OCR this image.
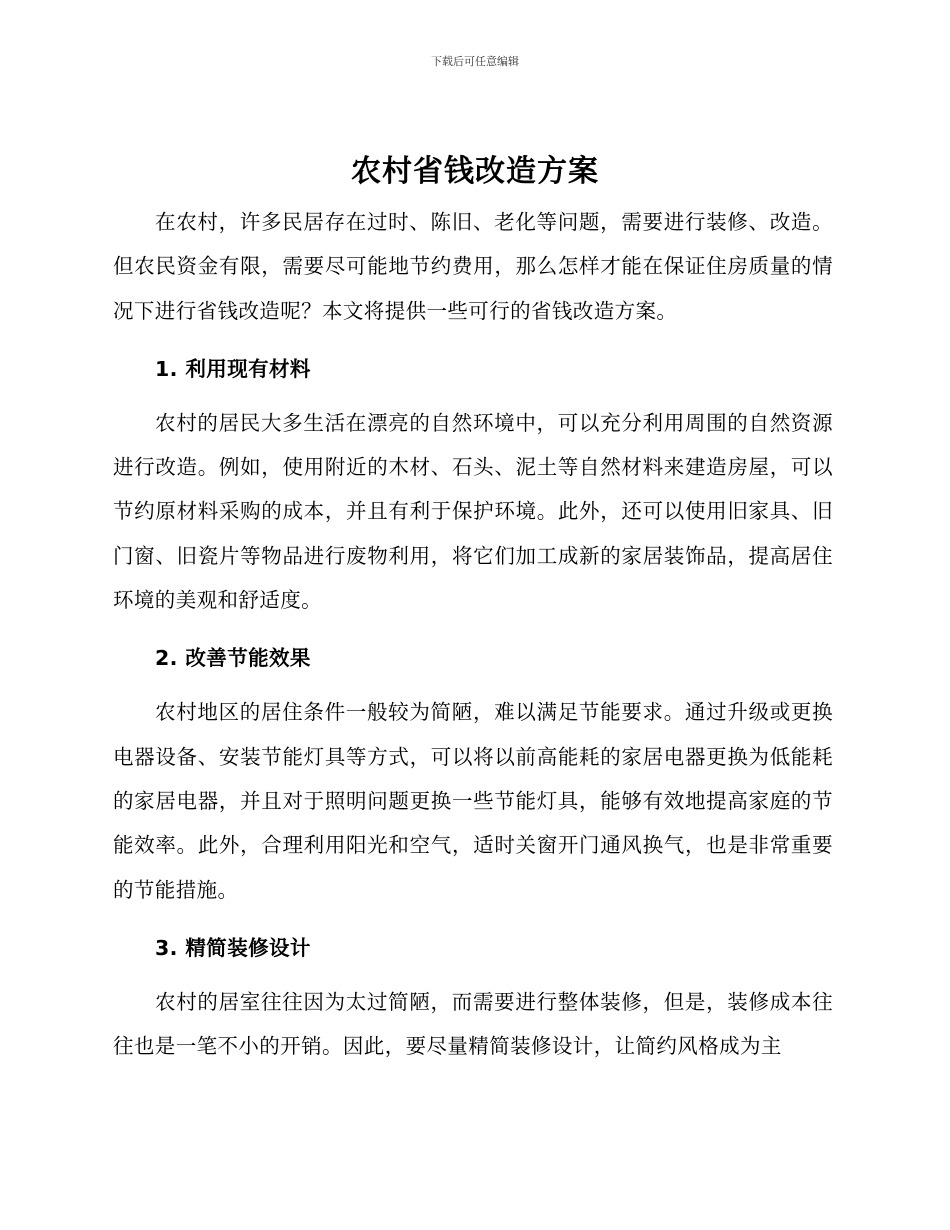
下载后可任意编辑
农村省钱改造方案

在农村，许多民居存在过时、陈旧、老化等问题，需要进行装修、改造。但农民资金有限，需要尽可能地节约费用，那么怎样才能在保证住房质量的情况下进行省钱改造呢？本文将提供一些可行的省钱改造方案。

1. 利用现有材料

农村的居民大多生活在漂亮的自然环境中，可以充分利用周围的自然资源进行改造。例如，使用附近的木材、石头、泥土等自然材料来建造房屋，可以节约原材料采购的成本，并且有利于保护环境。此外，还可以使用旧家具、旧门窗、旧瓷片等物品进行废物利用，将它们加工成新的家居装饰品，提高居住环境的美观和舒适度。

2. 改善节能效果

农村地区的居住条件一般较为简陋，难以满足节能要求。通过升级或更换电器设备、安装节能灯具等方式，可以将以前高能耗的家居电器更换为低能耗的家居电器，并且对于照明问题更换一些节能灯具，能够有效地提高家庭的节能效率。此外，合理利用阳光和空气，适时关窗开门通风换气，也是非常重要的节能措施。

3. 精简装修设计

农村的居室往往因为太过简陋，而需要进行整体装修，但是，装修成本往往也是一笔不小的开销。因此，要尽量精简装修设计，让简约风格成为主
